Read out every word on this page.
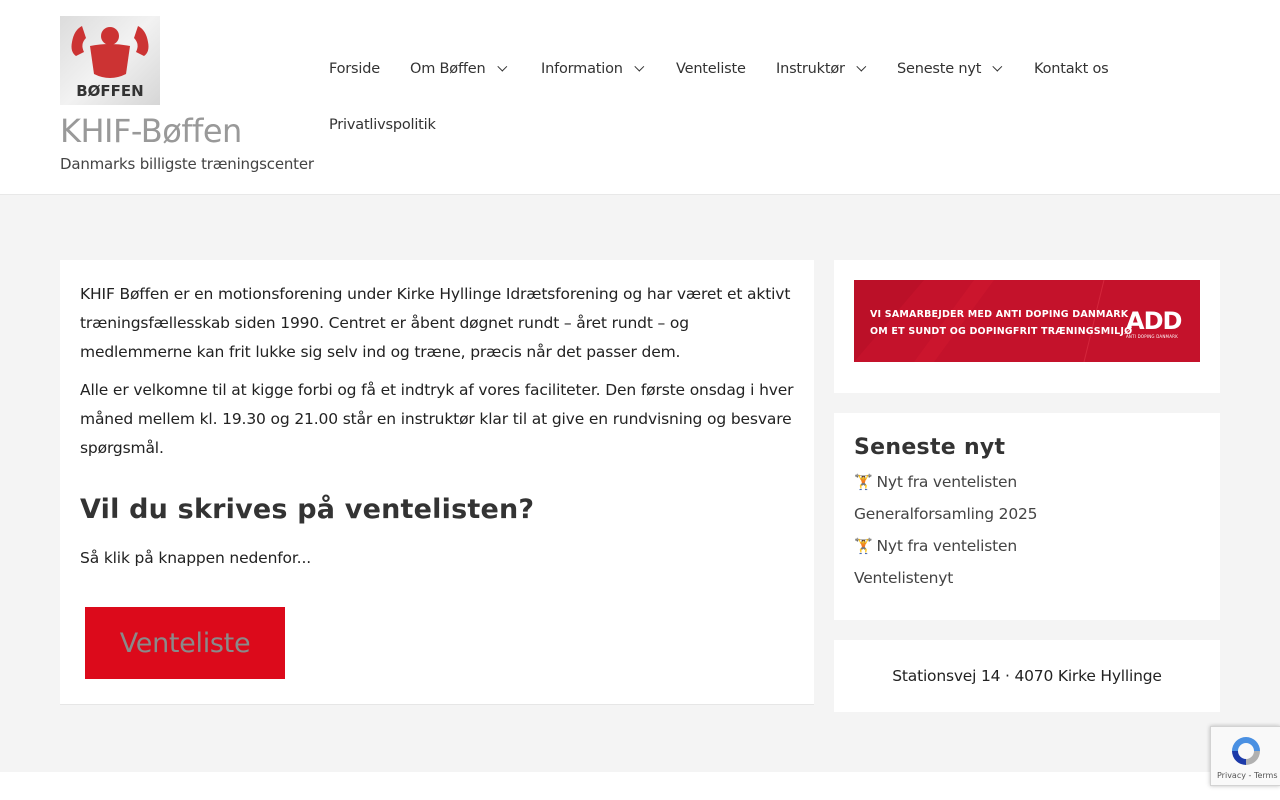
BØFFEN
KHIF-Bøffen
Danmarks billigste træningscenter
Forside Om Bøffen	Information	Venteliste Instruktør	Seneste nyt	Kontakt os
Privatlivspolitik

KHIF Bøffen er en motionsforening under Kirke Hyllinge Idrætsforening og har været et aktivt træningsfællesskab siden 1990. Centret er åbent døgnet rundt – året rundt – og medlemmerne kan frit lukke sig selv ind og træne, præcis når det passer dem.

Alle er velkomne til at kigge forbi og få et indtryk af vores faciliteter. Den første onsdag i hver måned mellem kl. 19.30 og 21.00 står en instruktør klar til at give en rundvisning og besvare spørgsmål.

Vil du skrives på ventelisten?

Så klik på knappen nedenfor...

Venteliste
VI SAMARBEJDER MED ANTI DOPING DANMARK
OM ET SUNDT OG DOPINGFRIT TRÆNINGSMILJØ
ADD
ANTI DOPING DANMARK
Seneste nyt
🏋️ Nyt fra ventelisten
Generalforsamling 2025
🏋️ Nyt fra ventelisten
Ventelistenyt
Stationsvej 14 · 4070 Kirke Hyllinge
Privacy - Terms
